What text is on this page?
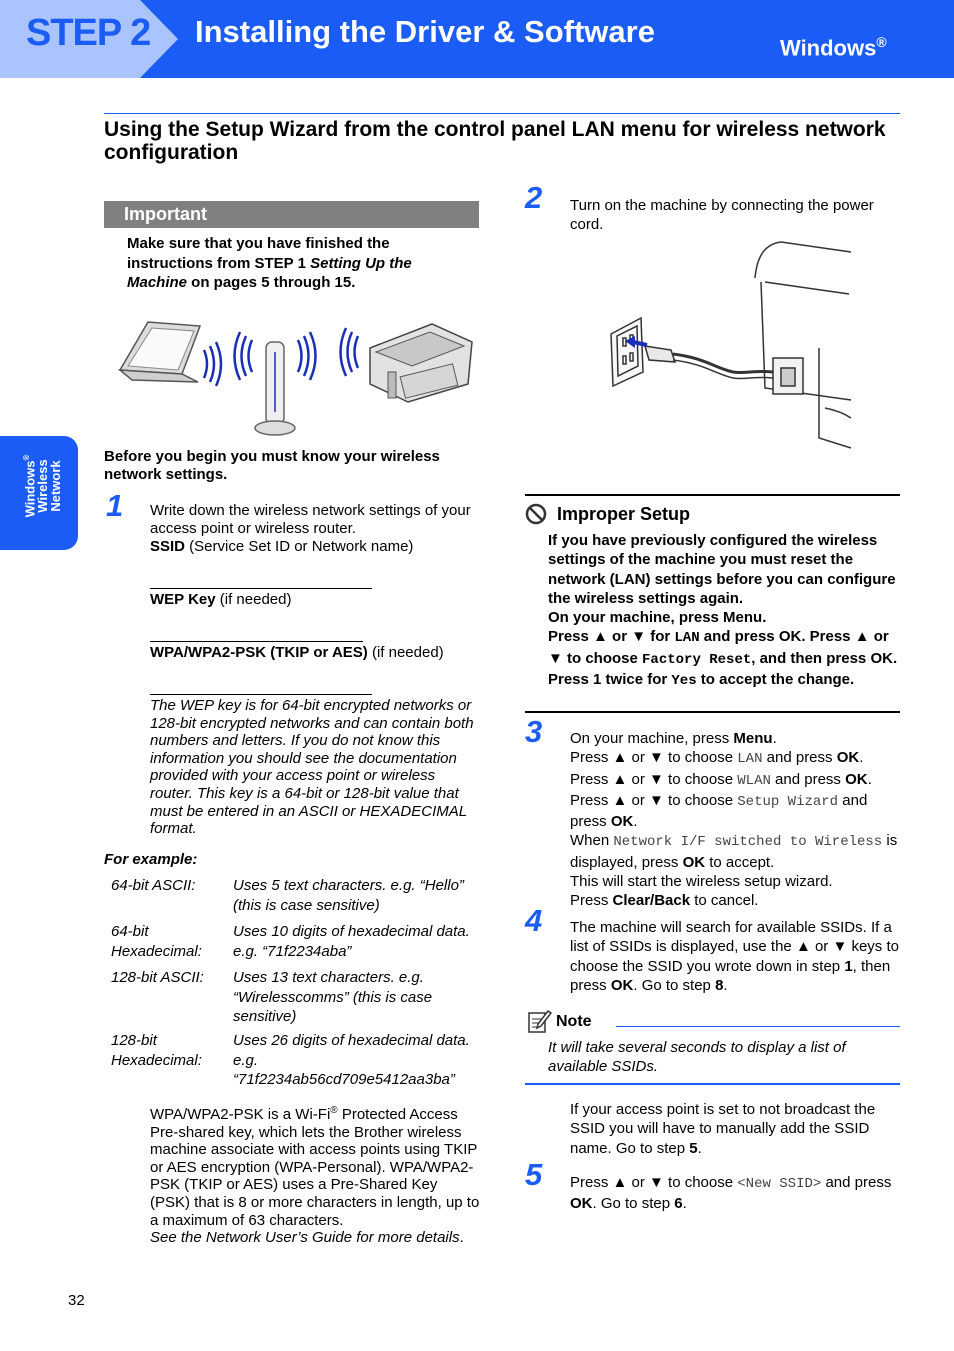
STEP 2 Installing the Driver & Software	Windows®
Windows®
Wireless
Network
Using the Setup Wizard from the control panel LAN menu for wireless network configuration
Important
Make sure that you have finished the instructions from STEP 1 Setting Up the Machine on pages 5 through 15.
Before you begin you must know your wireless network settings.
1 Write down the wireless network settings of your access point or wireless router.
SSID (Service Set ID or Network name)
WEP Key (if needed)
WPA/WPA2-PSK (TKIP or AES) (if needed)
The WEP key is for 64-bit encrypted networks or 128-bit encrypted networks and can contain both numbers and letters. If you do not know this information you should see the documentation provided with your access point or wireless router. This key is a 64-bit or 128-bit value that must be entered in an ASCII or HEXADECIMAL format.
For example:
64-bit ASCII:	Uses 5 text characters. e.g. “Hello” (this is case sensitive)
64-bit Hexadecimal:	Uses 10 digits of hexadecimal data. e.g. “71f2234aba”
128-bit ASCII:	Uses 13 text characters. e.g. “Wirelesscomms” (this is case sensitive)
128-bit Hexadecimal:	Uses 26 digits of hexadecimal data. e.g. “71f2234ab56cd709e5412aa3ba”
WPA/WPA2-PSK is a Wi-Fi® Protected Access Pre-shared key, which lets the Brother wireless machine associate with access points using TKIP or AES encryption (WPA-Personal). WPA/WPA2-PSK (TKIP or AES) uses a Pre-Shared Key (PSK) that is 8 or more characters in length, up to a maximum of 63 characters.
See the Network User’s Guide for more details.
32
2 Turn on the machine by connecting the power cord.
Improper Setup
If you have previously configured the wireless settings of the machine you must reset the network (LAN) settings before you can configure the wireless settings again.
On your machine, press Menu.
Press ▲ or ▼ for LAN and press OK. Press ▲ or ▼ to choose Factory Reset, and then press OK.
Press 1 twice for Yes to accept the change.
3 On your machine, press Menu.
Press ▲ or ▼ to choose LAN and press OK.
Press ▲ or ▼ to choose WLAN and press OK.
Press ▲ or ▼ to choose Setup Wizard and press OK.
When Network I/F switched to Wireless is displayed, press OK to accept.
This will start the wireless setup wizard.
Press Clear/Back to cancel.
4 The machine will search for available SSIDs. If a list of SSIDs is displayed, use the ▲ or ▼ keys to choose the SSID you wrote down in step 1, then press OK. Go to step 8.
Note
It will take several seconds to display a list of available SSIDs.
If your access point is set to not broadcast the SSID you will have to manually add the SSID name. Go to step 5.
5 Press ▲ or ▼ to choose <New SSID> and press OK. Go to step 6.
